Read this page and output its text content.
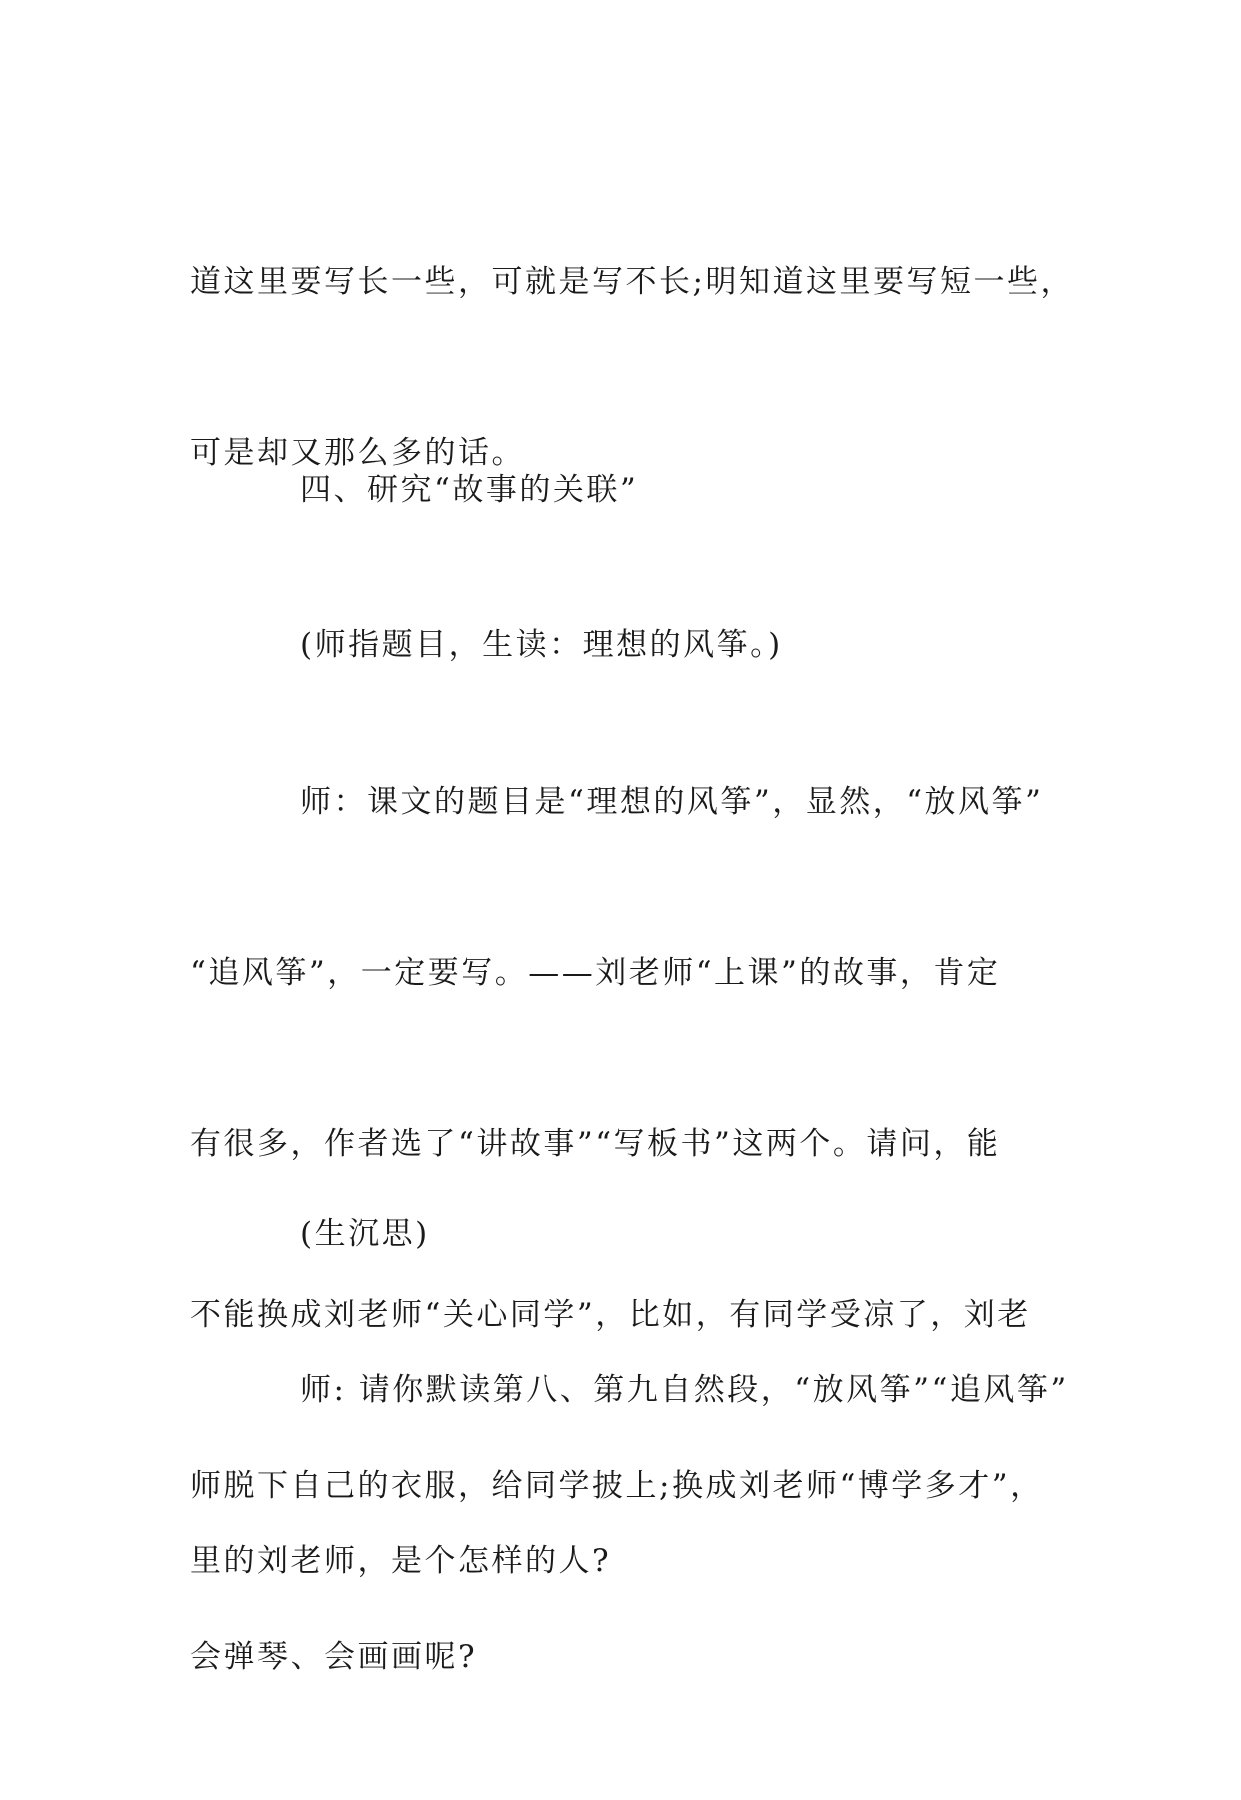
道这里要写长一些，可就是写不长;明知道这里要写短一些，

可是却又那么多的话。

四、研究“故事的关联”

(师指题目，生读：理想的风筝。)

师：课文的题目是“理想的风筝”，显然，“放风筝”

“追风筝”，一定要写。——刘老师“上课”的故事，肯定

有很多，作者选了“讲故事”“写板书”这两个。请问，能

不能换成刘老师“关心同学”，比如，有同学受凉了，刘老

师脱下自己的衣服，给同学披上;换成刘老师“博学多才”，

会弹琴、会画画呢?

(生沉思)

师: 请你默读第八、第九自然段，“放风筝”“追风筝”

里的刘老师，是个怎样的人?
